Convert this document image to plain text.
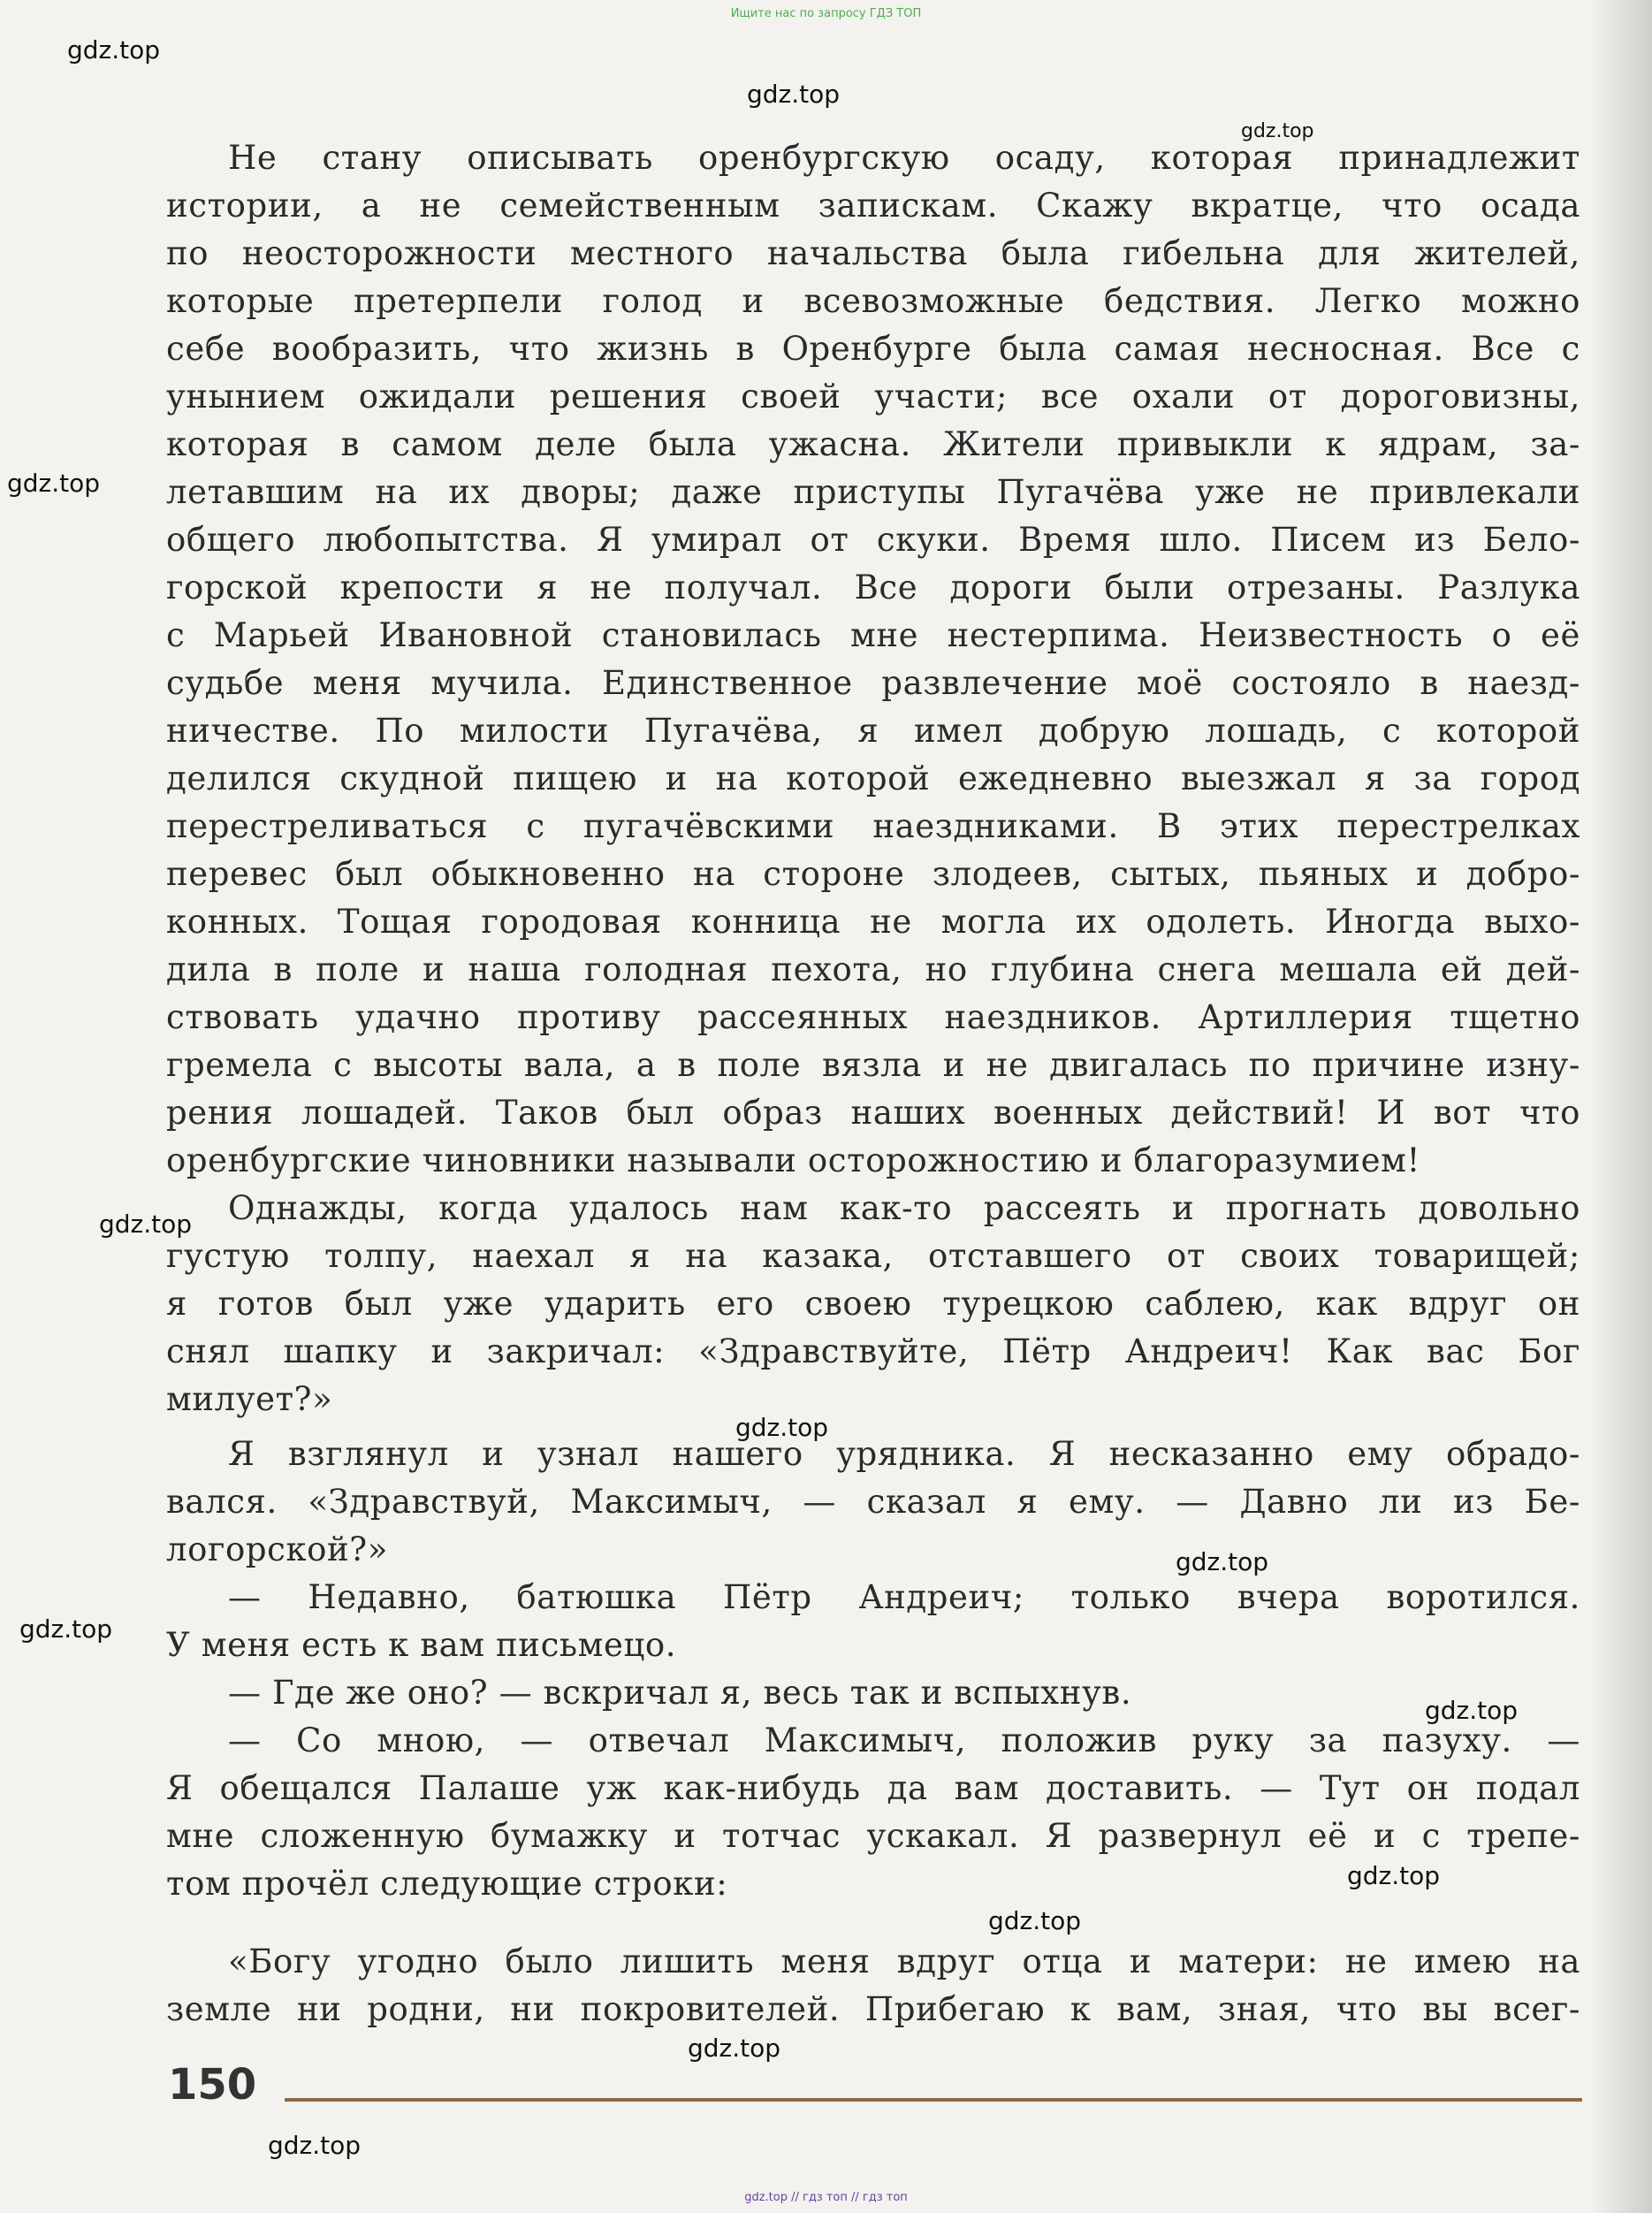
Ищите нас по запросу ГДЗ ТОП

Не стану описывать оренбургскую осаду, которая принадлежит
истории, а не семейственным запискам. Скажу вкратце, что осада
по неосторожности местного начальства была гибельна для жителей,
которые претерпели голод и всевозможные бедствия. Легко можно
себе вообразить, что жизнь в Оренбурге была самая несносная. Все с
унынием ожидали решения своей участи; все охали от дороговизны,
которая в самом деле была ужасна. Жители привыкли к ядрам, за-
летавшим на их дворы; даже приступы Пугачёва уже не привлекали
общего любопытства. Я умирал от скуки. Время шло. Писем из Бело-
горской крепости я не получал. Все дороги были отрезаны. Разлука
с Марьей Ивановной становилась мне нестерпима. Неизвестность о её
судьбе меня мучила. Единственное развлечение моё состояло в наезд-
ничестве. По милости Пугачёва, я имел добрую лошадь, с которой
делился скудной пищею и на которой ежедневно выезжал я за город
перестреливаться с пугачёвскими наездниками. В этих перестрелках
перевес был обыкновенно на стороне злодеев, сытых, пьяных и добро-
конных. Тощая городовая конница не могла их одолеть. Иногда выхо-
дила в поле и наша голодная пехота, но глубина снега мешала ей дей-
ствовать удачно противу рассеянных наездников. Артиллерия тщетно
гремела с высоты вала, а в поле вязла и не двигалась по причине изну-
рения лошадей. Таков был образ наших военных действий! И вот что
оренбургские чиновники называли осторожностию и благоразумием!

Однажды, когда удалось нам как-то рассеять и прогнать довольно
густую толпу, наехал я на казака, отставшего от своих товарищей;
я готов был уже ударить его своею турецкою саблею, как вдруг он
снял шапку и закричал: «Здравствуйте, Пётр Андреич! Как вас Бог
милует?»

Я взглянул и узнал нашего урядника. Я несказанно ему обрадо-
вался. «Здравствуй, Максимыч, — сказал я ему. — Давно ли из Бе-
логорской?»

— Недавно, батюшка Пётр Андреич; только вчера воротился.
У меня есть к вам письмецо.

— Где же оно? — вскричал я, весь так и вспыхнув.

— Со мною, — отвечал Максимыч, положив руку за пазуху. —
Я обещался Палаше уж как-нибудь да вам доставить. — Тут он подал
мне сложенную бумажку и тотчас ускакал. Я развернул её и с трепе-
том прочёл следующие строки:

«Богу угодно было лишить меня вдруг отца и матери: не имею на
земле ни родни, ни покровителей. Прибегаю к вам, зная, что вы всег-

150
gdz.top // гдз топ // гдз топ
gdz.top
gdz.top
gdz.top
gdz.top
gdz.top
gdz.top
gdz.top
gdz.top
gdz.top
gdz.top
gdz.top
gdz.top
gdz.top
